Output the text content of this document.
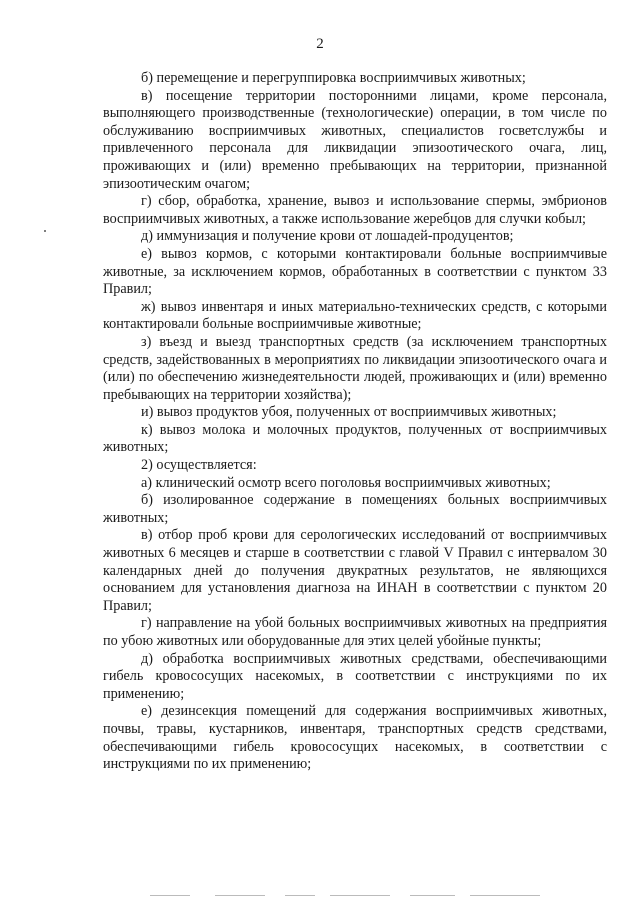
2

б) перемещение и перегруппировка восприимчивых животных;

в) посещение территории посторонними лицами, кроме персонала, выполняющего производственные (технологические) операции, в том числе по обслуживанию восприимчивых животных, специалистов госветслужбы и привлеченного персонала для ликвидации эпизоотического очага, лиц, проживающих и (или) временно пребывающих на территории, признанной эпизоотическим очагом;

г) сбор, обработка, хранение, вывоз и использование спермы, эмбрионов восприимчивых животных, а также использование жеребцов для случки кобыл;

д) иммунизация и получение крови от лошадей-продуцентов;

е) вывоз кормов, с которыми контактировали больные восприимчивые животные, за исключением кормов, обработанных в соответствии с пунктом 33 Правил;

ж) вывоз инвентаря и иных материально-технических средств, с которыми контактировали больные восприимчивые животные;

з) въезд и выезд транспортных средств (за исключением транспортных средств, задействованных в мероприятиях по ликвидации эпизоотического очага и (или) по обеспечению жизнедеятельности людей, проживающих и (или) временно пребывающих на территории хозяйства);

и) вывоз продуктов убоя, полученных от восприимчивых животных;

к) вывоз молока и молочных продуктов, полученных от восприимчивых животных;

2) осуществляется:

а) клинический осмотр всего поголовья восприимчивых животных;

б) изолированное содержание в помещениях больных восприимчивых животных;

в) отбор проб крови для серологических исследований от восприимчивых животных 6 месяцев и старше в соответствии с главой V Правил с интервалом 30 календарных дней до получения двукратных результатов, не являющихся основанием для установления диагноза на ИНАН в соответствии с пунктом 20 Правил;

г) направление на убой больных восприимчивых животных на предприятия по убою животных или оборудованные для этих целей убойные пункты;

д) обработка восприимчивых животных средствами, обеспечивающими гибель кровососущих насекомых, в соответствии с инструкциями по их применению;

е) дезинсекция помещений для содержания восприимчивых животных, почвы, травы, кустарников, инвентаря, транспортных средств средствами, обеспечивающими гибель кровососущих насекомых, в соответствии с инструкциями по их применению;
